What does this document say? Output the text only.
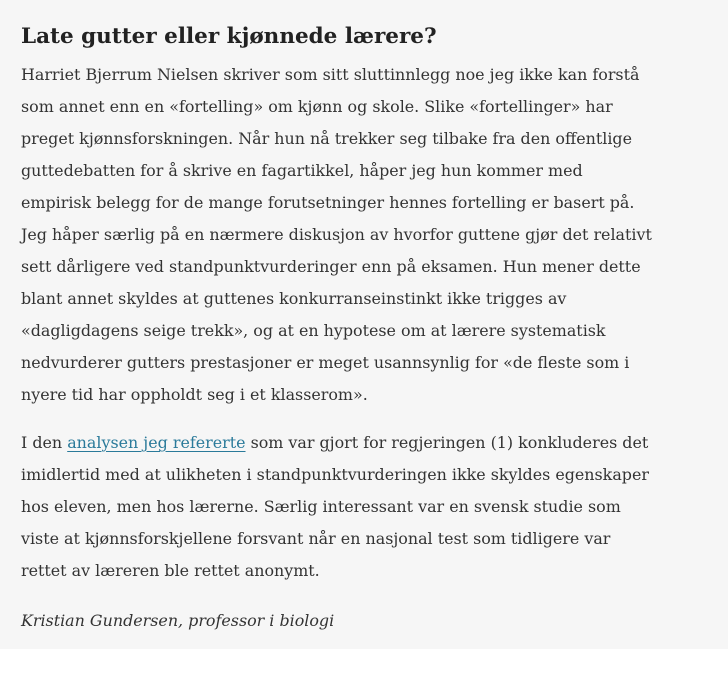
Late gutter eller kjønnede lærere?

Harriet Bjerrum Nielsen skriver som sitt sluttinnlegg noe jeg ikke kan forstå
som annet enn en «fortelling» om kjønn og skole. Slike «fortellinger» har
preget kjønnsforskningen. Når hun nå trekker seg tilbake fra den offentlige
guttedebatten for å skrive en fagartikkel, håper jeg hun kommer med
empirisk belegg for de mange forutsetninger hennes fortelling er basert på.
Jeg håper særlig på en nærmere diskusjon av hvorfor guttene gjør det relativt
sett dårligere ved standpunktvurderinger enn på eksamen. Hun mener dette
blant annet skyldes at guttenes konkurranseinstinkt ikke trigges av
«dagligdagens seige trekk», og at en hypotese om at lærere systematisk
nedvurderer gutters prestasjoner er meget usannsynlig for «de fleste som i
nyere tid har oppholdt seg i et klasserom».

I den analysen jeg refererte som var gjort for regjeringen (1) konkluderes det
imidlertid med at ulikheten i standpunktvurderingen ikke skyldes egenskaper
hos eleven, men hos lærerne. Særlig interessant var en svensk studie som
viste at kjønnsforskjellene forsvant når en nasjonal test som tidligere var
rettet av læreren ble rettet anonymt.

Kristian Gundersen, professor i biologi
